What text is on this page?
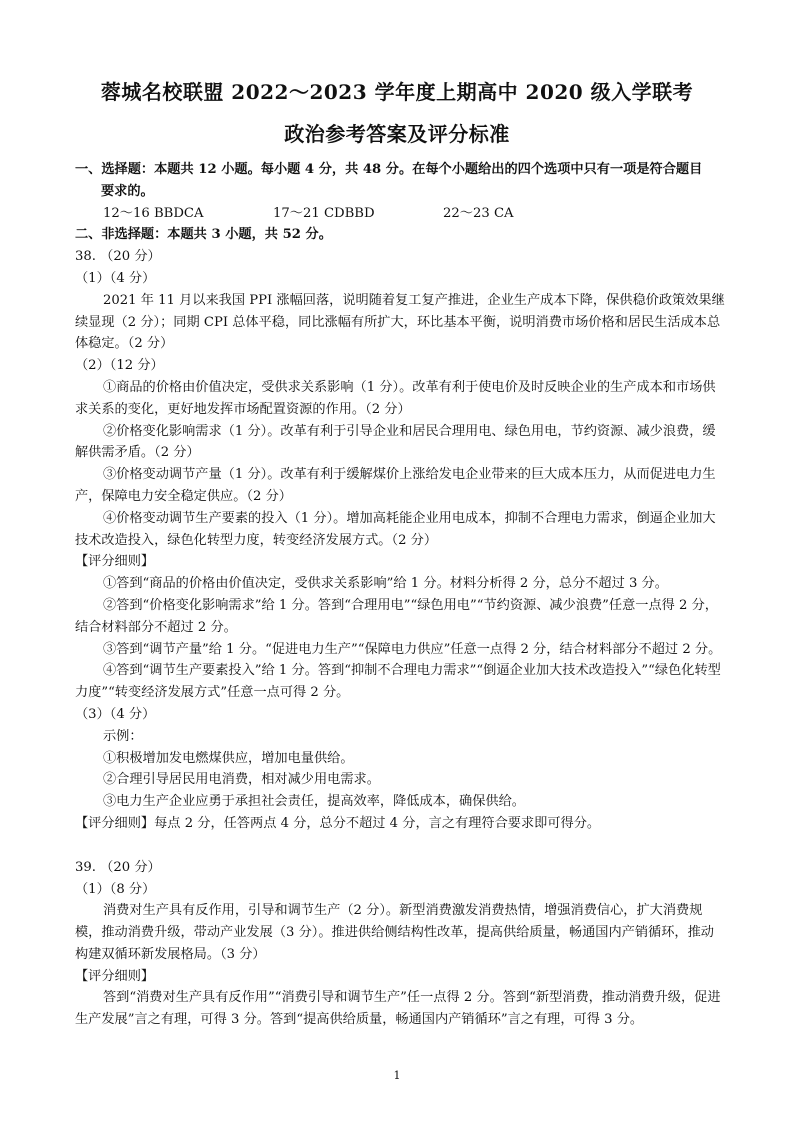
蓉城名校联盟 2022～2023 学年度上期高中 2020 级入学联考
政治参考答案及评分标准

一、选择题：本题共 12 小题。每小题 4 分，共 48 分。在每个小题给出的四个选项中只有一项是符合题目

要求的。

12～16 BBDCA	17～21 CDBBD	22～23 CA

二、非选择题：本题共 3 小题，共 52 分。

38. （20 分）

（1）（4 分）

2021 年 11 月以来我国 PPI 涨幅回落，说明随着复工复产推进，企业生产成本下降，保供稳价政策效果继续显现（2 分）；同期 CPI 总体平稳，同比涨幅有所扩大，环比基本平衡，说明消费市场价格和居民生活成本总体稳定。（2 分）

（2）（12 分）

①商品的价格由价值决定，受供求关系影响（1 分）。改革有利于使电价及时反映企业的生产成本和市场供求关系的变化，更好地发挥市场配置资源的作用。（2 分）

②价格变化影响需求（1 分）。改革有利于引导企业和居民合理用电、绿色用电，节约资源、减少浪费，缓解供需矛盾。（2 分）

③价格变动调节产量（1 分）。改革有利于缓解煤价上涨给发电企业带来的巨大成本压力，从而促进电力生产，保障电力安全稳定供应。（2 分）

④价格变动调节生产要素的投入（1 分）。增加高耗能企业用电成本，抑制不合理电力需求，倒逼企业加大技术改造投入，绿色化转型力度，转变经济发展方式。（2 分）

【评分细则】

①答到“商品的价格由价值决定，受供求关系影响”给 1 分。材料分析得 2 分，总分不超过 3 分。

②答到“价格变化影响需求”给 1 分。答到“合理用电”“绿色用电”“节约资源、减少浪费”任意一点得 2 分，结合材料部分不超过 2 分。

③答到“调节产量”给 1 分。“促进电力生产”“保障电力供应”任意一点得 2 分，结合材料部分不超过 2 分。

④答到“调节生产要素投入”给 1 分。答到“抑制不合理电力需求”“倒逼企业加大技术改造投入”“绿色化转型力度”“转变经济发展方式”任意一点可得 2 分。

（3）（4 分）

示例：

①积极增加发电燃煤供应，增加电量供给。

②合理引导居民用电消费，相对减少用电需求。

③电力生产企业应勇于承担社会责任，提高效率，降低成本，确保供给。

【评分细则】每点 2 分，任答两点 4 分，总分不超过 4 分，言之有理符合要求即可得分。

39. （20 分）

（1）（8 分）

消费对生产具有反作用，引导和调节生产（2 分）。新型消费激发消费热情，增强消费信心，扩大消费规模，推动消费升级，带动产业发展（3 分）。推进供给侧结构性改革，提高供给质量，畅通国内产销循环，推动构建双循环新发展格局。（3 分）

【评分细则】

答到“消费对生产具有反作用”“消费引导和调节生产”任一点得 2 分。答到“新型消费，推动消费升级，促进生产发展”言之有理，可得 3 分。答到“提高供给质量，畅通国内产销循环”言之有理，可得 3 分。

1
